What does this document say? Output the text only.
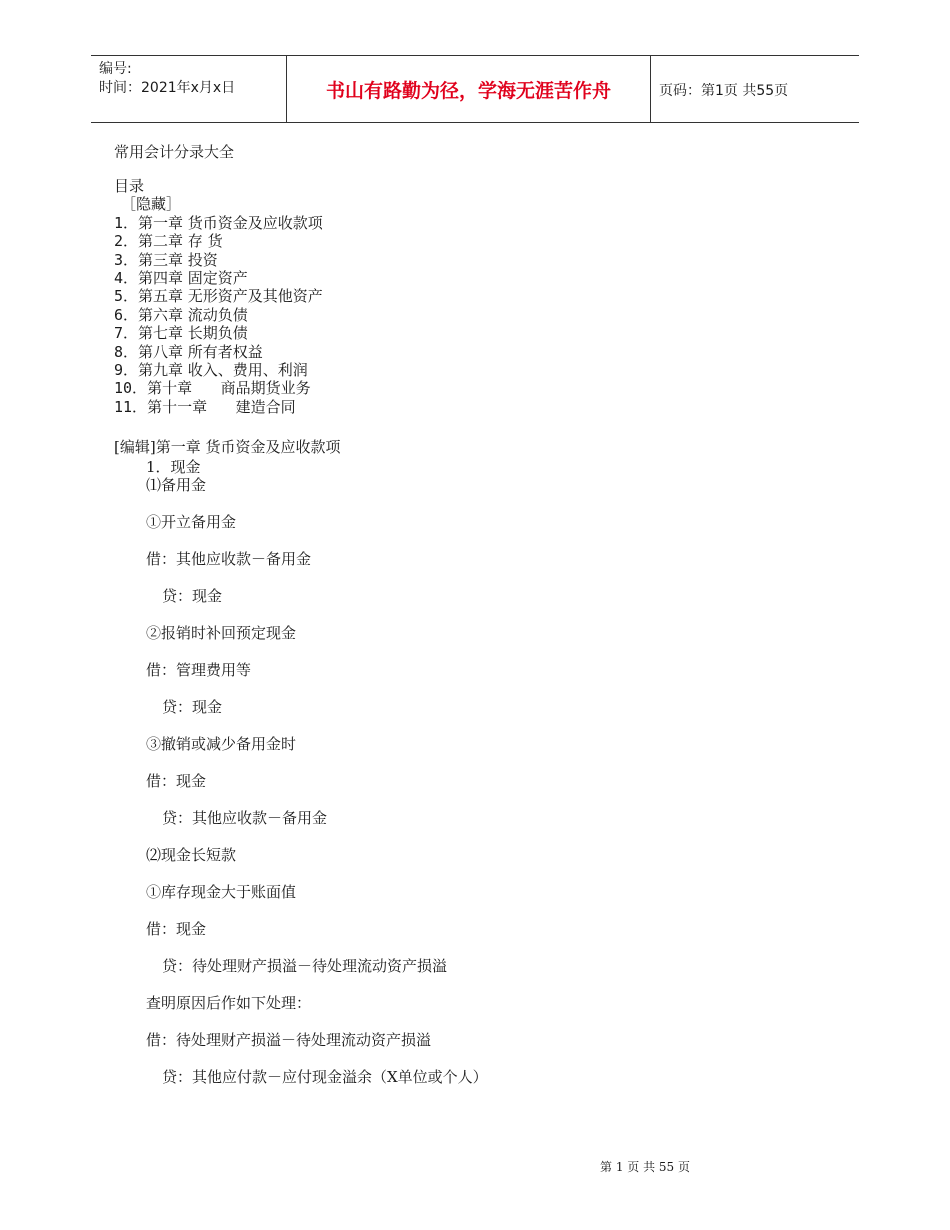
编号:
时间：2021年x月x日	书山有路勤为径，学海无涯苦作舟	页码：第1页 共55页
常用会计分录大全
目录
［隐藏］
1．第一章 货币资金及应收款项
2．第二章 存 货
3．第三章 投资
4．第四章 固定资产
5．第五章 无形资产及其他资产
6．第六章 流动负债
7．第七章 长期负债
8．第八章 所有者权益
9．第九章 收入、费用、利润
10．第十章      商品期货业务
11．第十一章      建造合同
[编辑]第一章 货币资金及应收款项
1．现金
⑴备用金
①开立备用金
借：其他应收款－备用金
贷：现金
②报销时补回预定现金
借：管理费用等
贷：现金
③撤销或减少备用金时
借：现金
贷：其他应收款－备用金
⑵现金长短款
①库存现金大于账面值
借：现金
贷：待处理财产损溢－待处理流动资产损溢
查明原因后作如下处理：
借：待处理财产损溢－待处理流动资产损溢
贷：其他应付款－应付现金溢余（X单位或个人）
第 1 页 共 55 页
